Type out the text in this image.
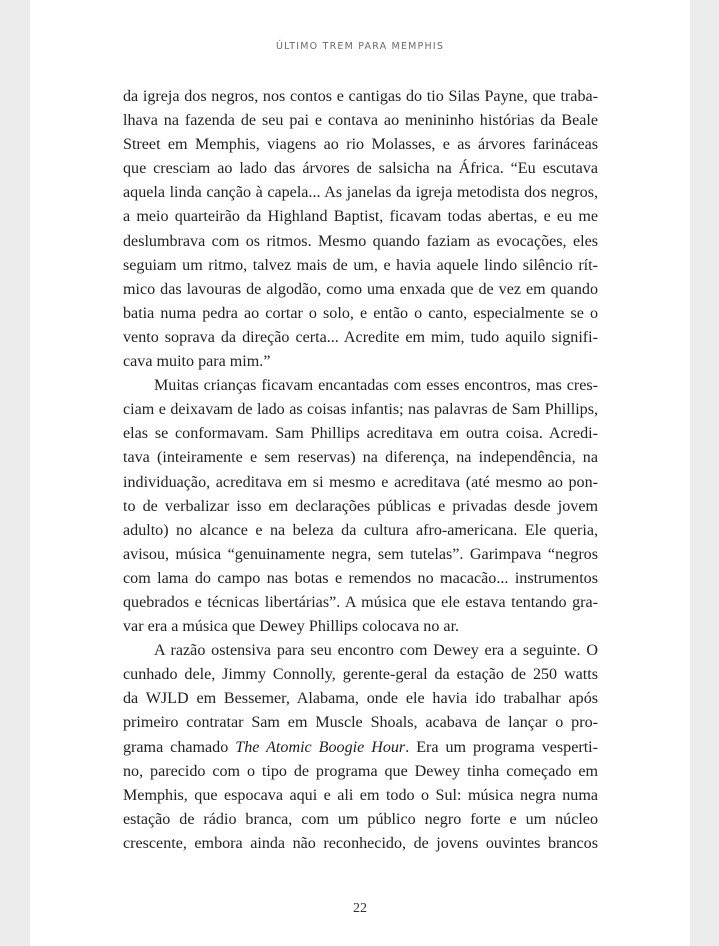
ÚLTIMO TREM PARA MEMPHIS
da igreja dos negros, nos contos e cantigas do tio Silas Payne, que traba-
lhava na fazenda de seu pai e contava ao menininho histórias da Beale
Street em Memphis, viagens ao rio Molasses, e as árvores farináceas
que cresciam ao lado das árvores de salsicha na África. “Eu escutava
aquela linda canção à capela... As janelas da igreja metodista dos negros,
a meio quarteirão da Highland Baptist, ficavam todas abertas, e eu me
deslumbrava com os ritmos. Mesmo quando faziam as evocações, eles
seguiam um ritmo, talvez mais de um, e havia aquele lindo silêncio rít-
mico das lavouras de algodão, como uma enxada que de vez em quando
batia numa pedra ao cortar o solo, e então o canto, especialmente se o
vento soprava da direção certa... Acredite em mim, tudo aquilo signifi-
cava muito para mim.”
Muitas crianças ficavam encantadas com esses encontros, mas cres-
ciam e deixavam de lado as coisas infantis; nas palavras de Sam Phillips,
elas se conformavam. Sam Phillips acreditava em outra coisa. Acredi-
tava (inteiramente e sem reservas) na diferença, na independência, na
individuação, acreditava em si mesmo e acreditava (até mesmo ao pon-
to de verbalizar isso em declarações públicas e privadas desde jovem
adulto) no alcance e na beleza da cultura afro-americana. Ele queria,
avisou, música “genuinamente negra, sem tutelas”. Garimpava “negros
com lama do campo nas botas e remendos no macacão... instrumentos
quebrados e técnicas libertárias”. A música que ele estava tentando gra-
var era a música que Dewey Phillips colocava no ar.
A razão ostensiva para seu encontro com Dewey era a seguinte. O
cunhado dele, Jimmy Connolly, gerente-geral da estação de 250 watts
da WJLD em Bessemer, Alabama, onde ele havia ido trabalhar após
primeiro contratar Sam em Muscle Shoals, acabava de lançar o pro-
grama chamado The Atomic Boogie Hour. Era um programa vesperti-
no, parecido com o tipo de programa que Dewey tinha começado em
Memphis, que espocava aqui e ali em todo o Sul: música negra numa
estação de rádio branca, com um público negro forte e um núcleo
crescente, embora ainda não reconhecido, de jovens ouvintes brancos
22
